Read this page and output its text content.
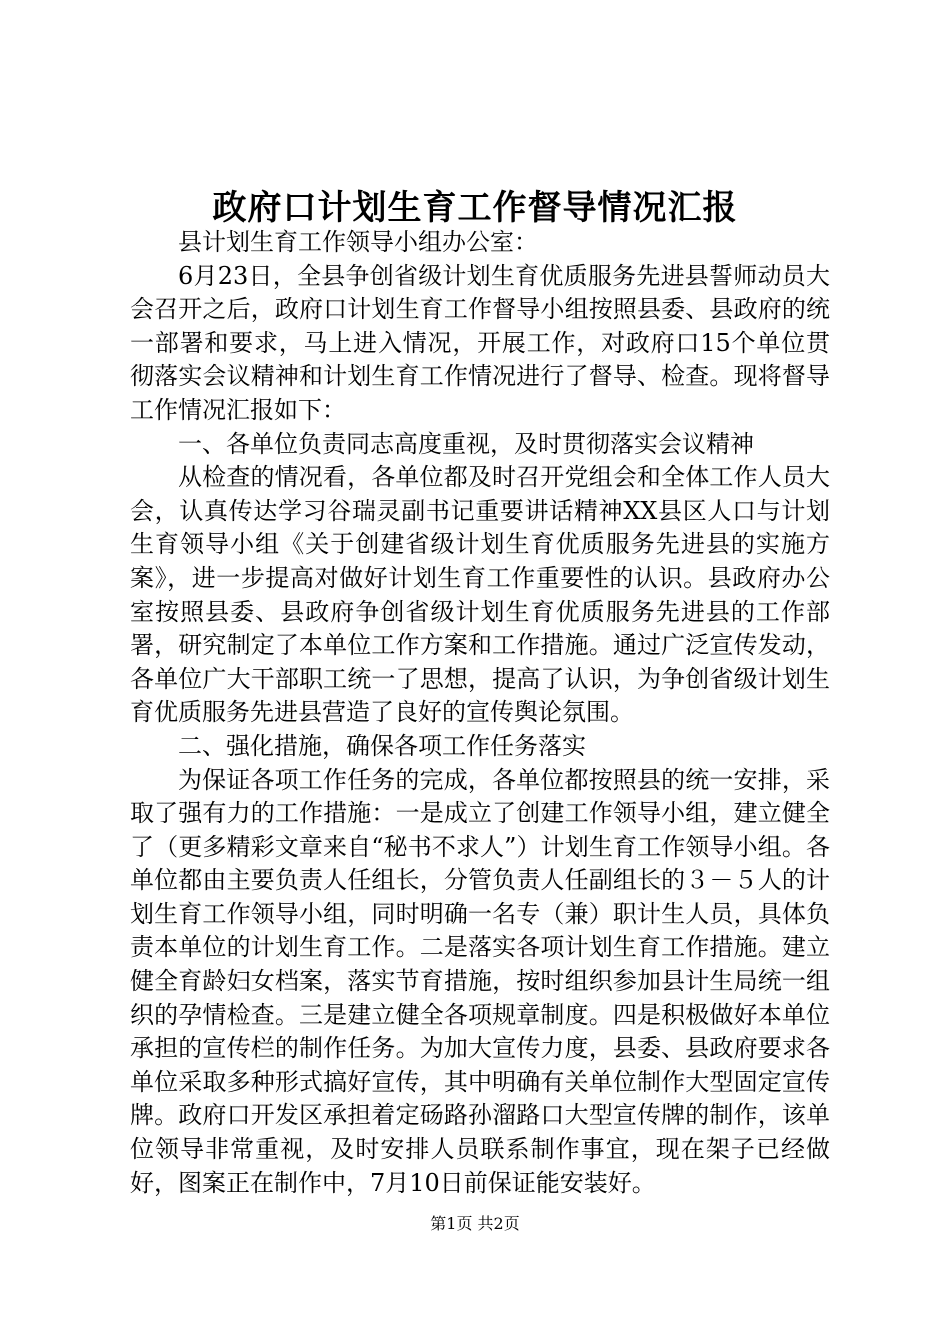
政府口计划生育工作督导情况汇报

县计划生育工作领导小组办公室：

6月23日，全县争创省级计划生育优质服务先进县誓师动员大会召开之后，政府口计划生育工作督导小组按照县委、县政府的统一部署和要求，马上进入情况，开展工作，对政府口15个单位贯彻落实会议精神和计划生育工作情况进行了督导、检查。现将督导工作情况汇报如下：

一、各单位负责同志高度重视，及时贯彻落实会议精神

从检查的情况看，各单位都及时召开党组会和全体工作人员大会，认真传达学习谷瑞灵副书记重要讲话精神XX县区人口与计划生育领导小组《关于创建省级计划生育优质服务先进县的实施方案》，进一步提高对做好计划生育工作重要性的认识。县政府办公室按照县委、县政府争创省级计划生育优质服务先进县的工作部署，研究制定了本单位工作方案和工作措施。通过广泛宣传发动，各单位广大干部职工统一了思想，提高了认识，为争创省级计划生育优质服务先进县营造了良好的宣传舆论氛围。

二、强化措施，确保各项工作任务落实

为保证各项工作任务的完成，各单位都按照县的统一安排，采取了强有力的工作措施：一是成立了创建工作领导小组，建立健全了（更多精彩文章来自“秘书不求人”）计划生育工作领导小组。各单位都由主要负责人任组长，分管负责人任副组长的３－５人的计划生育工作领导小组，同时明确一名专（兼）职计生人员，具体负责本单位的计划生育工作。二是落实各项计划生育工作措施。建立健全育龄妇女档案，落实节育措施，按时组织参加县计生局统一组织的孕情检查。三是建立健全各项规章制度。四是积极做好本单位承担的宣传栏的制作任务。为加大宣传力度，县委、县政府要求各单位采取多种形式搞好宣传，其中明确有关单位制作大型固定宣传牌。政府口开发区承担着定砀路孙溜路口大型宣传牌的制作，该单位领导非常重视，及时安排人员联系制作事宜，现在架子已经做好，图案正在制作中，7月10日前保证能安装好。

第1页 共2页
